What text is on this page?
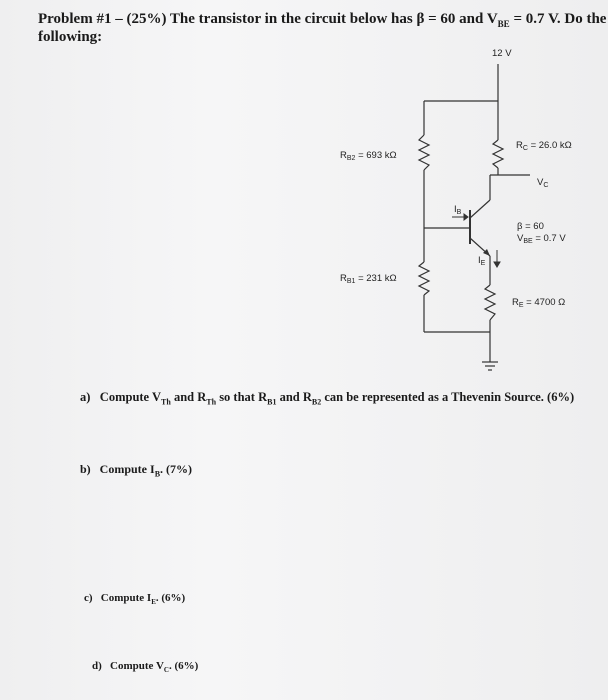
Problem #1 – (25%) The transistor in the circuit below has β = 60 and $V_{BE} = 0.7$ V. Do the
following:
12 V
$R_{B2} = 693$ kΩ
$R_{B1} = 231$ kΩ
$R_C = 26.0$ kΩ
$V_C$
$I_B$
$I_E$
β = 60
$V_{BE} = 0.7$ V
$R_E = 4700$ Ω
a) Compute $V_{Th}$ and $R_{Th}$ so that $R_{B1}$ and $R_{B2}$ can be represented as a Thevenin Source. (6%)
b) Compute $I_B$. (7%)
c) Compute $I_E$. (6%)
d) Compute $V_C$. (6%)
